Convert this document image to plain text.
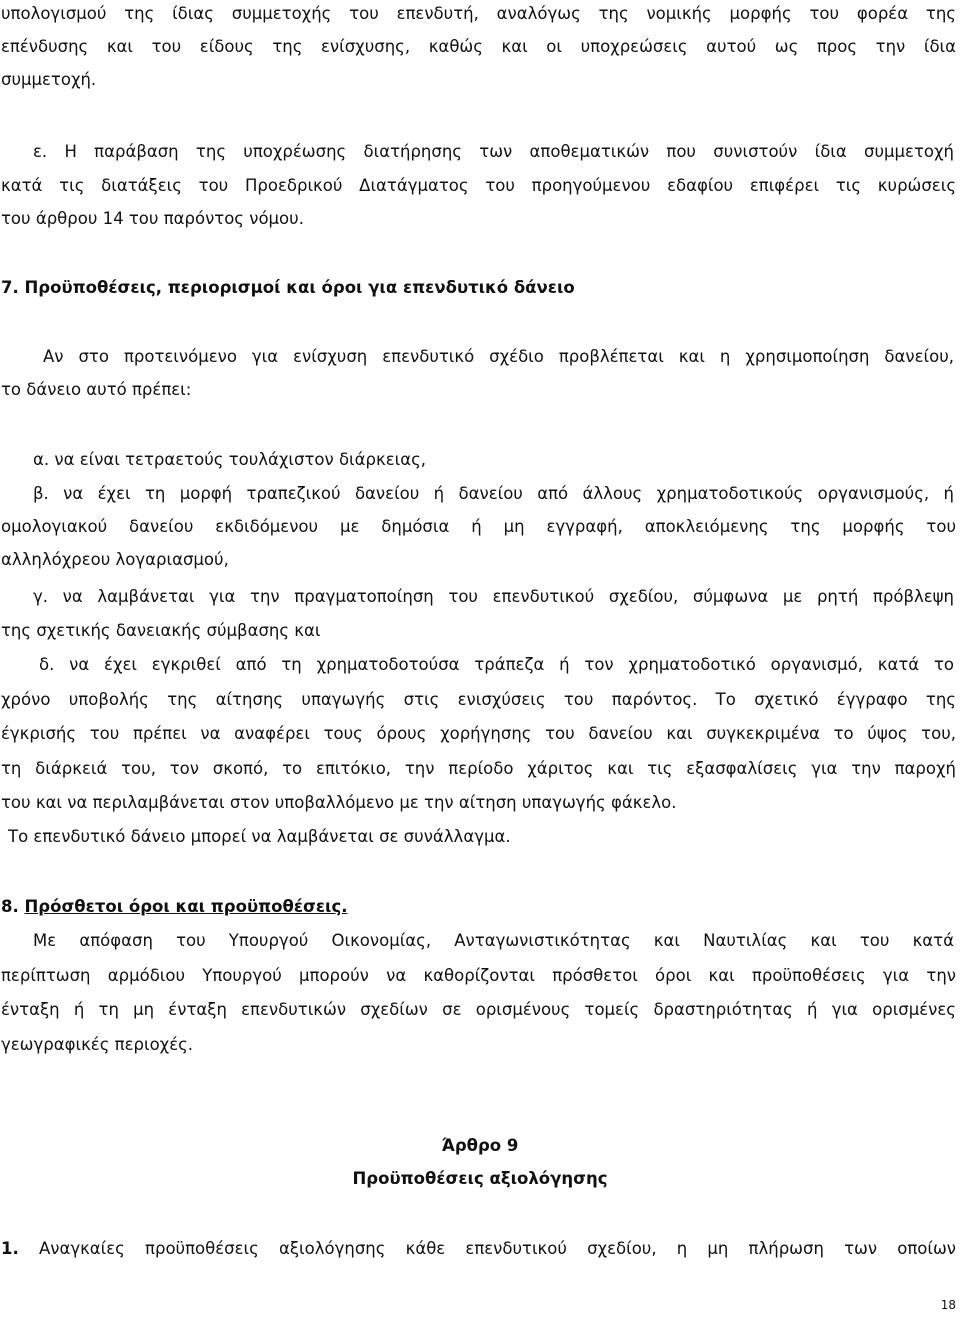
υπολογισμού της ίδιας συμμετοχής του επενδυτή, αναλόγως της νομικής μορφής του φορέα της
επένδυσης και του είδους της ενίσχυσης, καθώς και οι υποχρεώσεις αυτού ως προς την ίδια
συμμετοχή.
ε. Η παράβαση της υποχρέωσης διατήρησης των αποθεματικών που συνιστούν ίδια συμμετοχή
κατά τις διατάξεις του Προεδρικού Διατάγματος του προηγούμενου εδαφίου επιφέρει τις κυρώσεις
του άρθρου 14 του παρόντος νόμου.
7. Προϋποθέσεις, περιορισμοί και όροι για επενδυτικό δάνειο
Αν στο προτεινόμενο για ενίσχυση επενδυτικό σχέδιο προβλέπεται και η χρησιμοποίηση δανείου,
το δάνειο αυτό πρέπει:
α. να είναι τετραετούς τουλάχιστον διάρκειας,
β. να έχει τη μορφή τραπεζικού δανείου ή δανείου από άλλους χρηματοδοτικούς οργανισμούς, ή
ομολογιακού δανείου εκδιδόμενου με δημόσια ή μη εγγραφή, αποκλειόμενης της μορφής του
αλληλόχρεου λογαριασμού,
γ. να λαμβάνεται για την πραγματοποίηση του επενδυτικού σχεδίου, σύμφωνα με ρητή πρόβλεψη
της σχετικής δανειακής σύμβασης και
δ. να έχει εγκριθεί από τη χρηματοδοτούσα τράπεζα ή τον χρηματοδοτικό οργανισμό, κατά το
χρόνο υποβολής της αίτησης υπαγωγής στις ενισχύσεις του παρόντος. Το σχετικό έγγραφο της
έγκρισής του πρέπει να αναφέρει τους όρους χορήγησης του δανείου και συγκεκριμένα το ύψος του,
τη διάρκειά του, τον σκοπό, το επιτόκιο, την περίοδο χάριτος και τις εξασφαλίσεις για την παροχή
του και να περιλαμβάνεται στον υποβαλλόμενο με την αίτηση υπαγωγής φάκελο.
Το επενδυτικό δάνειο μπορεί να λαμβάνεται σε συνάλλαγμα.
8. Πρόσθετοι όροι και προϋποθέσεις.
Με απόφαση του Υπουργού Οικονομίας, Ανταγωνιστικότητας και Ναυτιλίας και του κατά
περίπτωση αρμόδιου Υπουργού μπορούν να καθορίζονται πρόσθετοι όροι και προϋποθέσεις για την
ένταξη ή τη μη ένταξη επενδυτικών σχεδίων σε ορισμένους τομείς δραστηριότητας ή για ορισμένες
γεωγραφικές περιοχές.
Άρθρο 9
Προϋποθέσεις αξιολόγησης
1. Αναγκαίες προϋποθέσεις αξιολόγησης κάθε επενδυτικού σχεδίου, η μη πλήρωση των οποίων
18
